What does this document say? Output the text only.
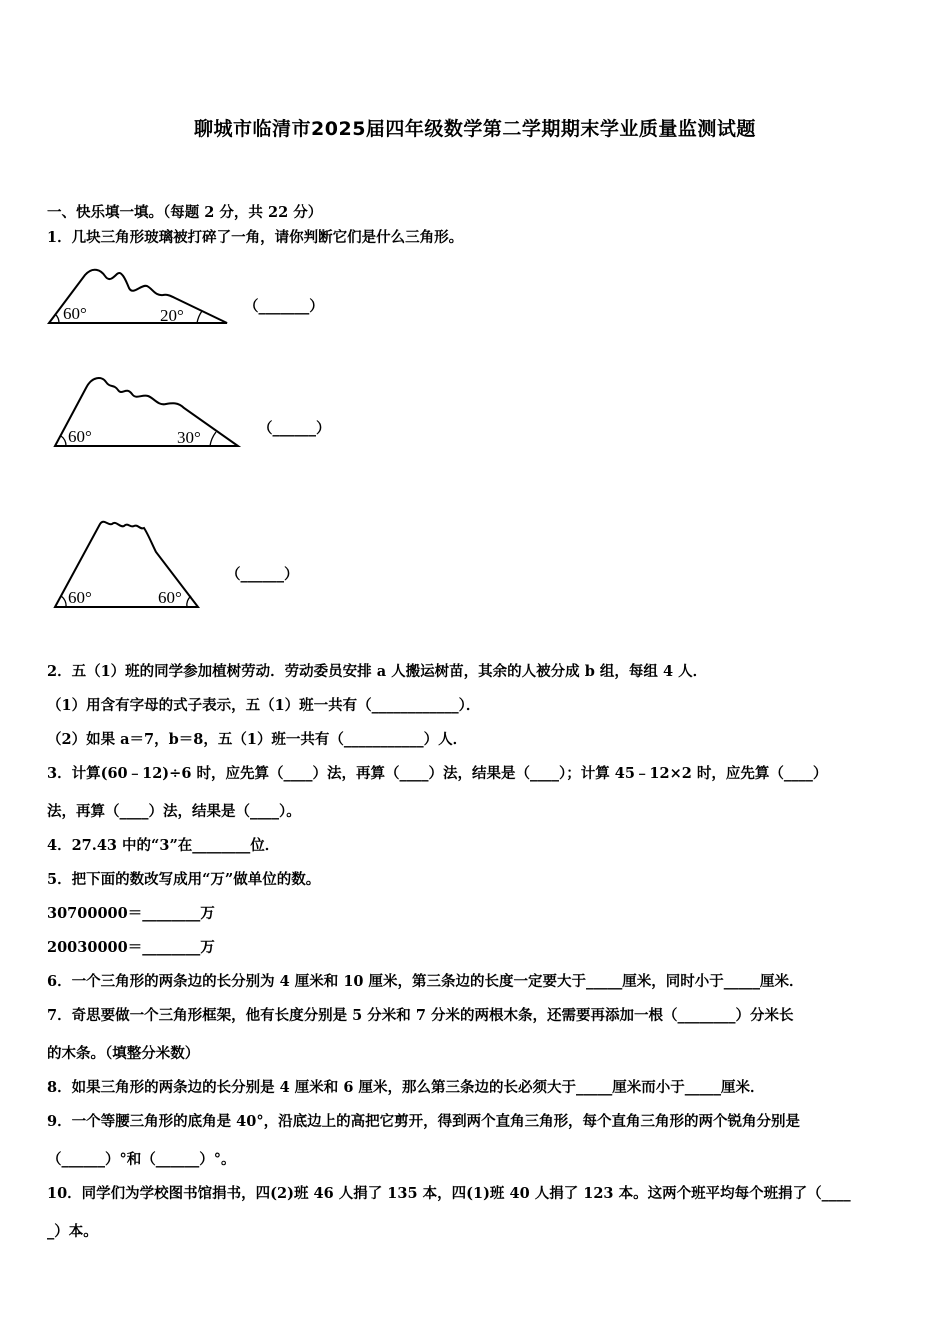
聊城市临清市2025届四年级数学第二学期期末学业质量监测试题
一、快乐填一填。（每题 2 分，共 22 分）
1．几块三角形玻璃被打碎了一角，请你判断它们是什么三角形。
60°	20°	（_______）
60°	30°	（______）
60°	60°
（______）
2．五（1）班的同学参加植树劳动．劳动委员安排 a 人搬运树苗，其余的人被分成 b 组，每组 4 人．
（1）用含有字母的式子表示，五（1）班一共有（____________）．
（2）如果 a＝7，b＝8，五（1）班一共有（___________）人．
3．计算(60﹣12)÷6 时，应先算（____）法，再算（____）法，结果是（____）；计算 45﹣12×2 时，应先算（____）
法，再算（____）法，结果是（____）。
4．27.43 中的“3”在________位．
5．把下面的数改写成用“万”做单位的数。
30700000＝________万
20030000＝________万
6．一个三角形的两条边的长分别为 4 厘米和 10 厘米，第三条边的长度一定要大于_____厘米，同时小于_____厘米．
7．奇思要做一个三角形框架，他有长度分别是 5 分米和 7 分米的两根木条，还需要再添加一根（________）分米长
的木条。（填整分米数）
8．如果三角形的两条边的长分别是 4 厘米和 6 厘米，那么第三条边的长必须大于_____厘米而小于_____厘米．
9．一个等腰三角形的底角是 40°，沿底边上的高把它剪开，得到两个直角三角形，每个直角三角形的两个锐角分别是
（______）°和（______）°。
10．同学们为学校图书馆捐书，四(2)班 46 人捐了 135 本，四(1)班 40 人捐了 123 本。这两个班平均每个班捐了（____
_）本。
